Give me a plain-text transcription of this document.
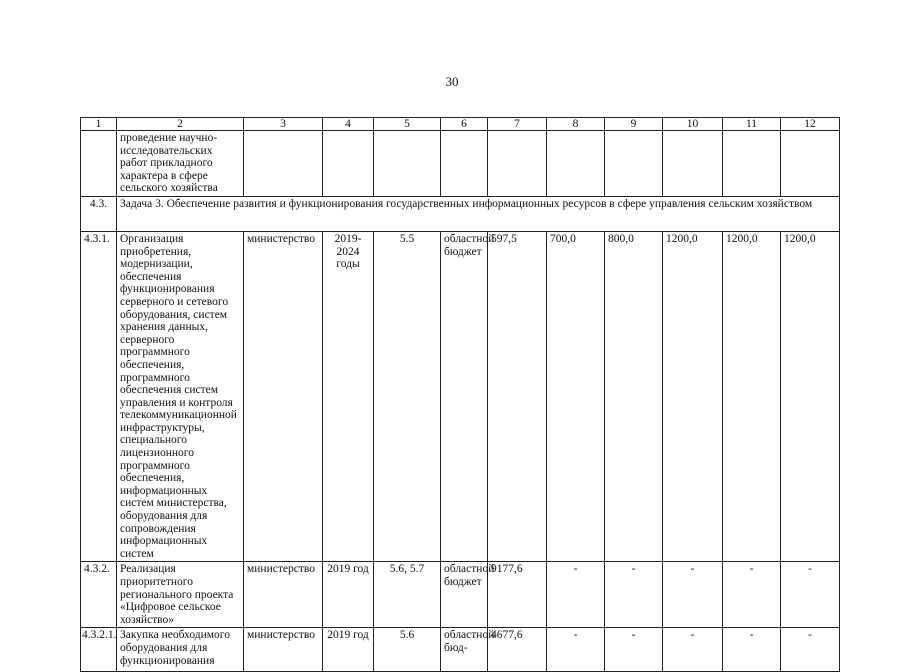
30
1	2	3	4	5	6	7	8	9	10	11	12
	проведение научно-исследовательских работ прикладного характера в сфере сельского хозяйства										
4.3.	Задача 3. Обеспечение развития и функционирования государственных информационных ресурсов в сфере управления сельским хозяйством										
4.3.1.	Организация приобретения, модернизации, обеспечения функционирования серверного и сетевого оборудования, систем хранения данных, серверного программного обеспечения, программного обеспечения систем управления и контроля телекоммуникационной инфраструктуры, специального лицензионного программного обеспечения, информационных систем министерства, оборудования для сопровождения информационных систем	министерство	2019-2024 годы	5.5	областной бюджет	597,5	700,0	800,0	1200,0	1200,0	1200,0
4.3.2.	Реализация приоритетного регионального проекта «Цифровое сельское хозяйство»	министерство	2019 год	5.6, 5.7	областной бюджет	9177,6	-	-	-	-	-
4.3.2.1.	Закупка необходимого оборудования для функционирования	министерство	2019 год	5.6	областной бюд-	4677,6	-	-	-	-	-
